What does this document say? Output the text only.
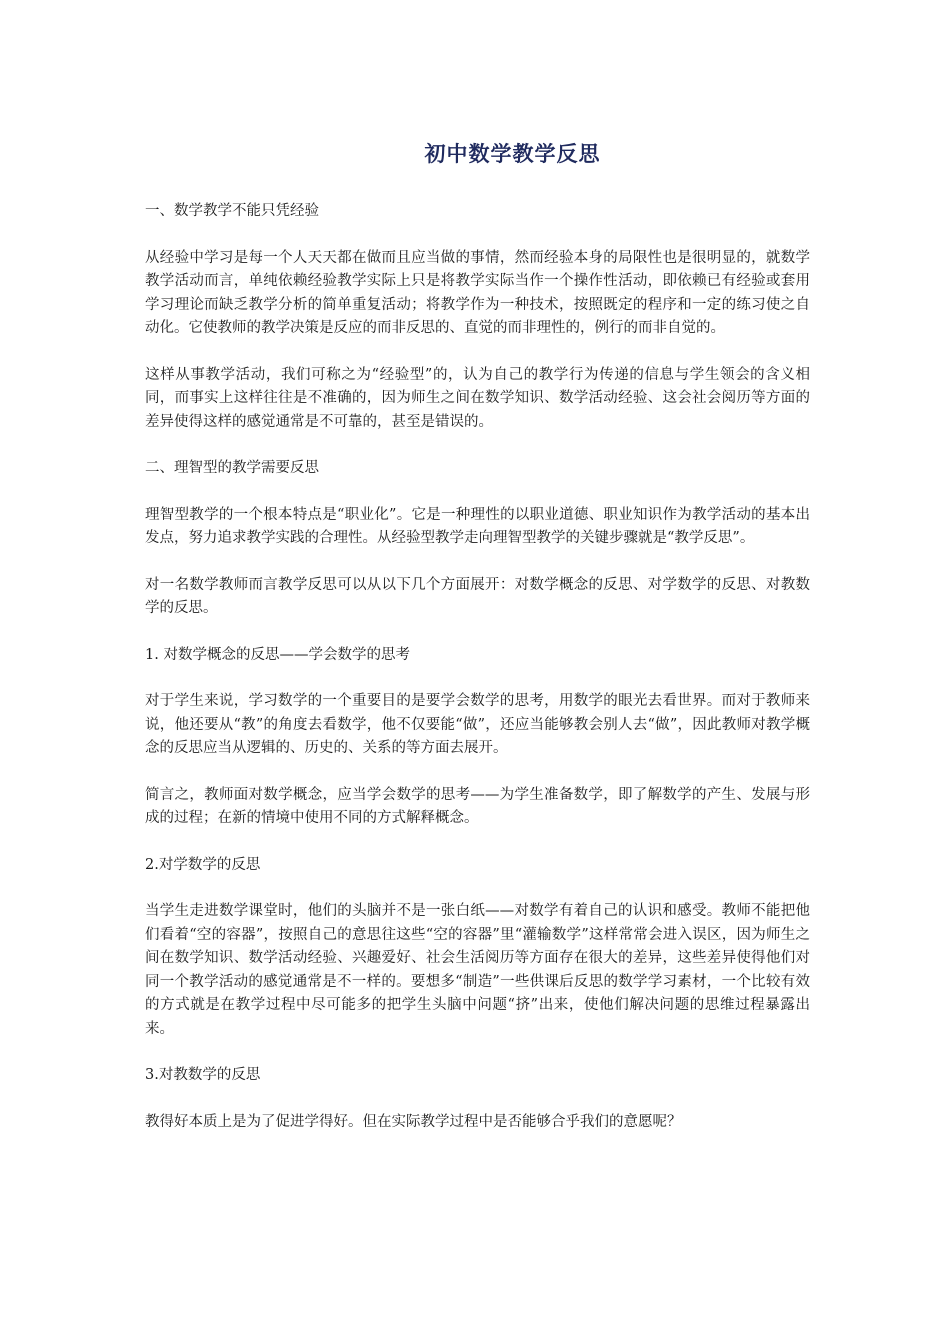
初中数学教学反思

一、数学教学不能只凭经验

从经验中学习是每一个人天天都在做而且应当做的事情，然而经验本身的局限性也是很明显的，就数学教学活动而言，单纯依赖经验教学实际上只是将教学实际当作一个操作性活动，即依赖已有经验或套用学习理论而缺乏教学分析的简单重复活动；将教学作为一种技术，按照既定的程序和一定的练习使之自动化。它使教师的教学决策是反应的而非反思的、直觉的而非理性的，例行的而非自觉的。

这样从事教学活动，我们可称之为“经验型”的，认为自己的教学行为传递的信息与学生领会的含义相同，而事实上这样往往是不准确的，因为师生之间在数学知识、数学活动经验、这会社会阅历等方面的差异使得这样的感觉通常是不可靠的，甚至是错误的。

二、理智型的教学需要反思

理智型教学的一个根本特点是“职业化”。它是一种理性的以职业道德、职业知识作为教学活动的基本出发点，努力追求教学实践的合理性。从经验型教学走向理智型教学的关键步骤就是“教学反思”。

对一名数学教师而言教学反思可以从以下几个方面展开：对数学概念的反思、对学数学的反思、对教数学的反思。

1. 对数学概念的反思——学会数学的思考

对于学生来说，学习数学的一个重要目的是要学会数学的思考，用数学的眼光去看世界。而对于教师来说，他还要从“教”的角度去看数学，他不仅要能“做”，还应当能够教会别人去“做”，因此教师对教学概念的反思应当从逻辑的、历史的、关系的等方面去展开。

简言之，教师面对数学概念，应当学会数学的思考——为学生准备数学，即了解数学的产生、发展与形成的过程；在新的情境中使用不同的方式解释概念。

2.对学数学的反思

当学生走进数学课堂时，他们的头脑并不是一张白纸——对数学有着自己的认识和感受。教师不能把他们看着“空的容器”，按照自己的意思往这些“空的容器”里“灌输数学”这样常常会进入误区，因为师生之间在数学知识、数学活动经验、兴趣爱好、社会生活阅历等方面存在很大的差异，这些差异使得他们对同一个教学活动的感觉通常是不一样的。要想多“制造”一些供课后反思的数学学习素材，一个比较有效的方式就是在教学过程中尽可能多的把学生头脑中问题“挤”出来，使他们解决问题的思维过程暴露出来。

3.对教数学的反思

教得好本质上是为了促进学得好。但在实际教学过程中是否能够合乎我们的意愿呢？
